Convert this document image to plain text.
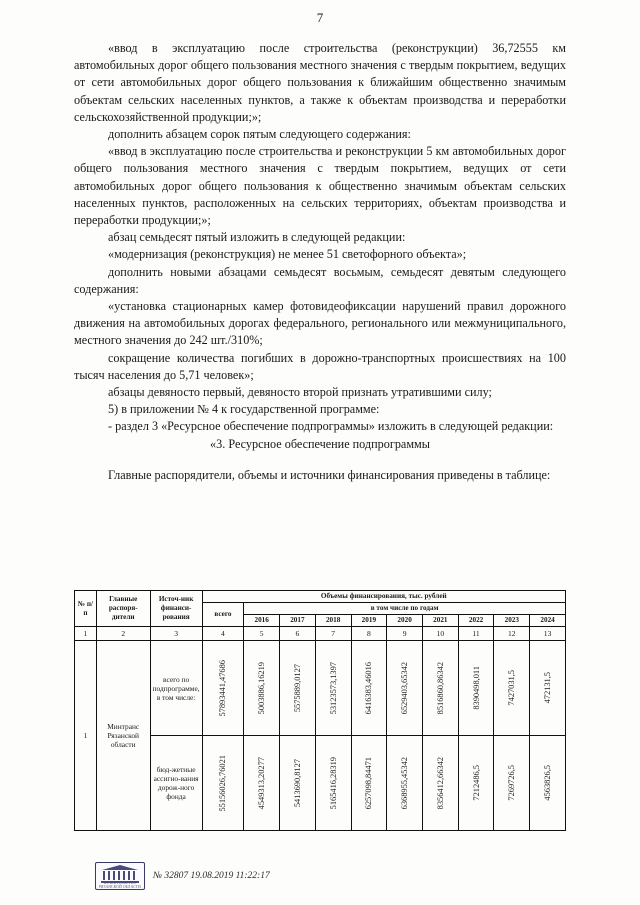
7

«ввод в эксплуатацию после строительства (реконструкции) 36,72555 км автомобильных дорог общего пользования местного значения с твердым покрытием, ведущих от сети автомобильных дорог общего пользования к ближайшим общественно значимым объектам сельских населенных пунктов, а также к объектам производства и переработки сельскохозяйственной продукции;»;

дополнить абзацем сорок пятым следующего содержания:

«ввод в эксплуатацию после строительства и реконструкции 5 км автомобильных дорог общего пользования местного значения с твердым покрытием, ведущих от сети автомобильных дорог общего пользования к общественно значимым объектам сельских населенных пунктов, расположенных на сельских территориях, объектам производства и переработки продукции;»;

абзац семьдесят пятый изложить в следующей редакции:

«модернизация (реконструкция) не менее 51 светофорного объекта»;

дополнить новыми абзацами семьдесят восьмым, семьдесят девятым следующего содержания:

«установка стационарных камер фотовидеофиксации нарушений правил дорожного движения на автомобильных дорогах федерального, регионального или межмуниципального, местного значения до 242 шт./310%;

сокращение количества погибших в дорожно-транспортных происшествиях на 100 тысяч населения до 5,71 человек»;

абзацы девяносто первый, девяносто второй признать утратившими силу;

5) в приложении № 4 к государственной программе:

- раздел 3 «Ресурсное обеспечение подпрограммы» изложить в следующей редакции:

«3. Ресурсное обеспечение подпрограммы

Главные распорядители, объемы и источники финансирования приведены в таблице:

№ п/п	Главные распоря-дители	Источ-ник финанси-рования	Объемы финансирования, тыс. рублей									
			всего	в том числе по годам								
				2016	2017	2018	2019	2020	2021	2022	2023	2024
1	2	3	4	5	6	7	8	9	10	11	12	13
1	Минтранс Рязанской области	всего по подпрограмме, в том числе:	57893441,47686	5003886,16219	5575889,0127	53123573,1397	6416383,46016	6529403,65342	8516860,86342	8390498,011	7427031,5	472131,5

		бюд-жетные асcигно-вания дорож-ного фонда	55156026,76021	4549313,20277	5413690,8127	5165416,28319	6257098,84471	6368955,45342	8356412,66342	7212486,5	7269726,5	4563826,5
ПРАВИТЕЛЬСТВО РЯЗАНСКОЙ ОБЛАСТИ
№ 32807 19.08.2019 11:22:17
